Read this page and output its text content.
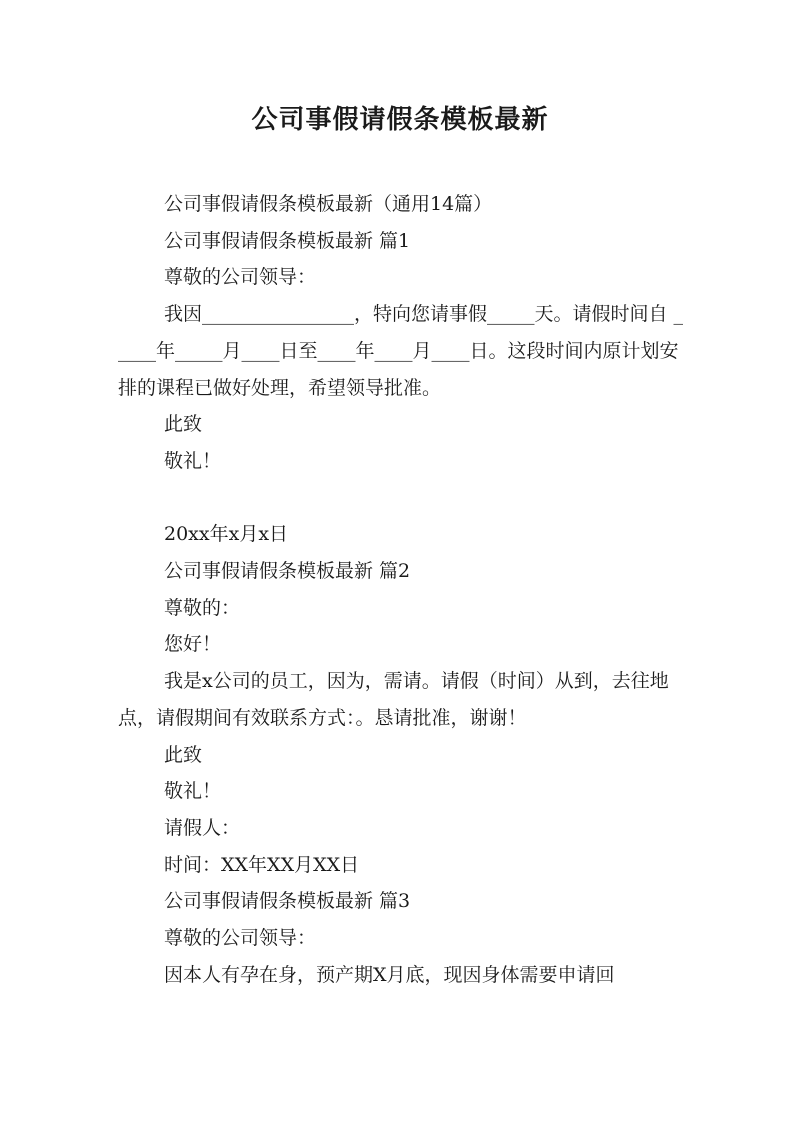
公司事假请假条模板最新

公司事假请假条模板最新（通用14篇）

公司事假请假条模板最新 篇1

尊敬的公司领导：

我因________________，特向您请事假_____天。请假时间自 _____年_____月____日至____年____月____日。这段时间内原计划安排的课程已做好处理，希望领导批准。

此致

敬礼！

20xx年x月x日

公司事假请假条模板最新 篇2

尊敬的：

您好！

我是x公司的员工，因为，需请。请假（时间）从到，去往地点，请假期间有效联系方式：。恳请批准，谢谢！

此致

敬礼！

请假人：

时间：XX年XX月XX日

公司事假请假条模板最新 篇3

尊敬的公司领导：

因本人有孕在身，预产期X月底，现因身体需要申请回
